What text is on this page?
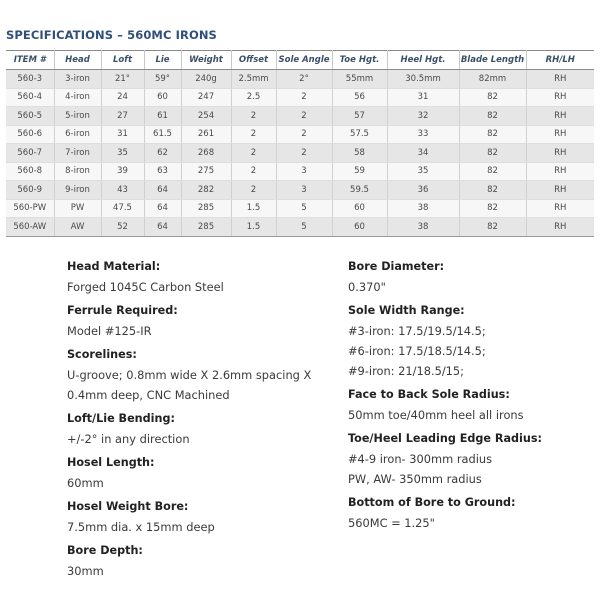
SPECIFICATIONS – 560MC IRONS
ITEM #	Head	Loft	Lie	Weight	Offset	Sole Angle	Toe Hgt.	Heel Hgt.	Blade Length	RH/LH
560-3	3-iron	21°	59°	240g	2.5mm	2°	55mm	30.5mm	82mm	RH
560-4	4-iron	24	60	247	2.5	2	56	31	82	RH
560-5	5-iron	27	61	254	2	2	57	32	82	RH
560-6	6-iron	31	61.5	261	2	2	57.5	33	82	RH
560-7	7-iron	35	62	268	2	2	58	34	82	RH
560-8	8-iron	39	63	275	2	3	59	35	82	RH
560-9	9-iron	43	64	282	2	3	59.5	36	82	RH
560-PW	PW	47.5	64	285	1.5	5	60	38	82	RH
560-AW	AW	52	64	285	1.5	5	60	38	82	RH
Head Material:
Forged 1045C Carbon Steel
Ferrule Required:
Model #125-IR
Scorelines:
U-groove; 0.8mm wide X 2.6mm spacing X
0.4mm deep, CNC Machined
Loft/Lie Bending:
+/-2° in any direction
Hosel Length:
60mm
Hosel Weight Bore:
7.5mm dia. x 15mm deep
Bore Depth:
30mm
Bore Diameter:
0.370"
Sole Width Range:
#3-iron: 17.5/19.5/14.5;
#6-iron: 17.5/18.5/14.5;
#9-iron: 21/18.5/15;
Face to Back Sole Radius:
50mm toe/40mm heel all irons
Toe/Heel Leading Edge Radius:
#4-9 iron- 300mm radius
PW, AW- 350mm radius
Bottom of Bore to Ground:
560MC = 1.25"
